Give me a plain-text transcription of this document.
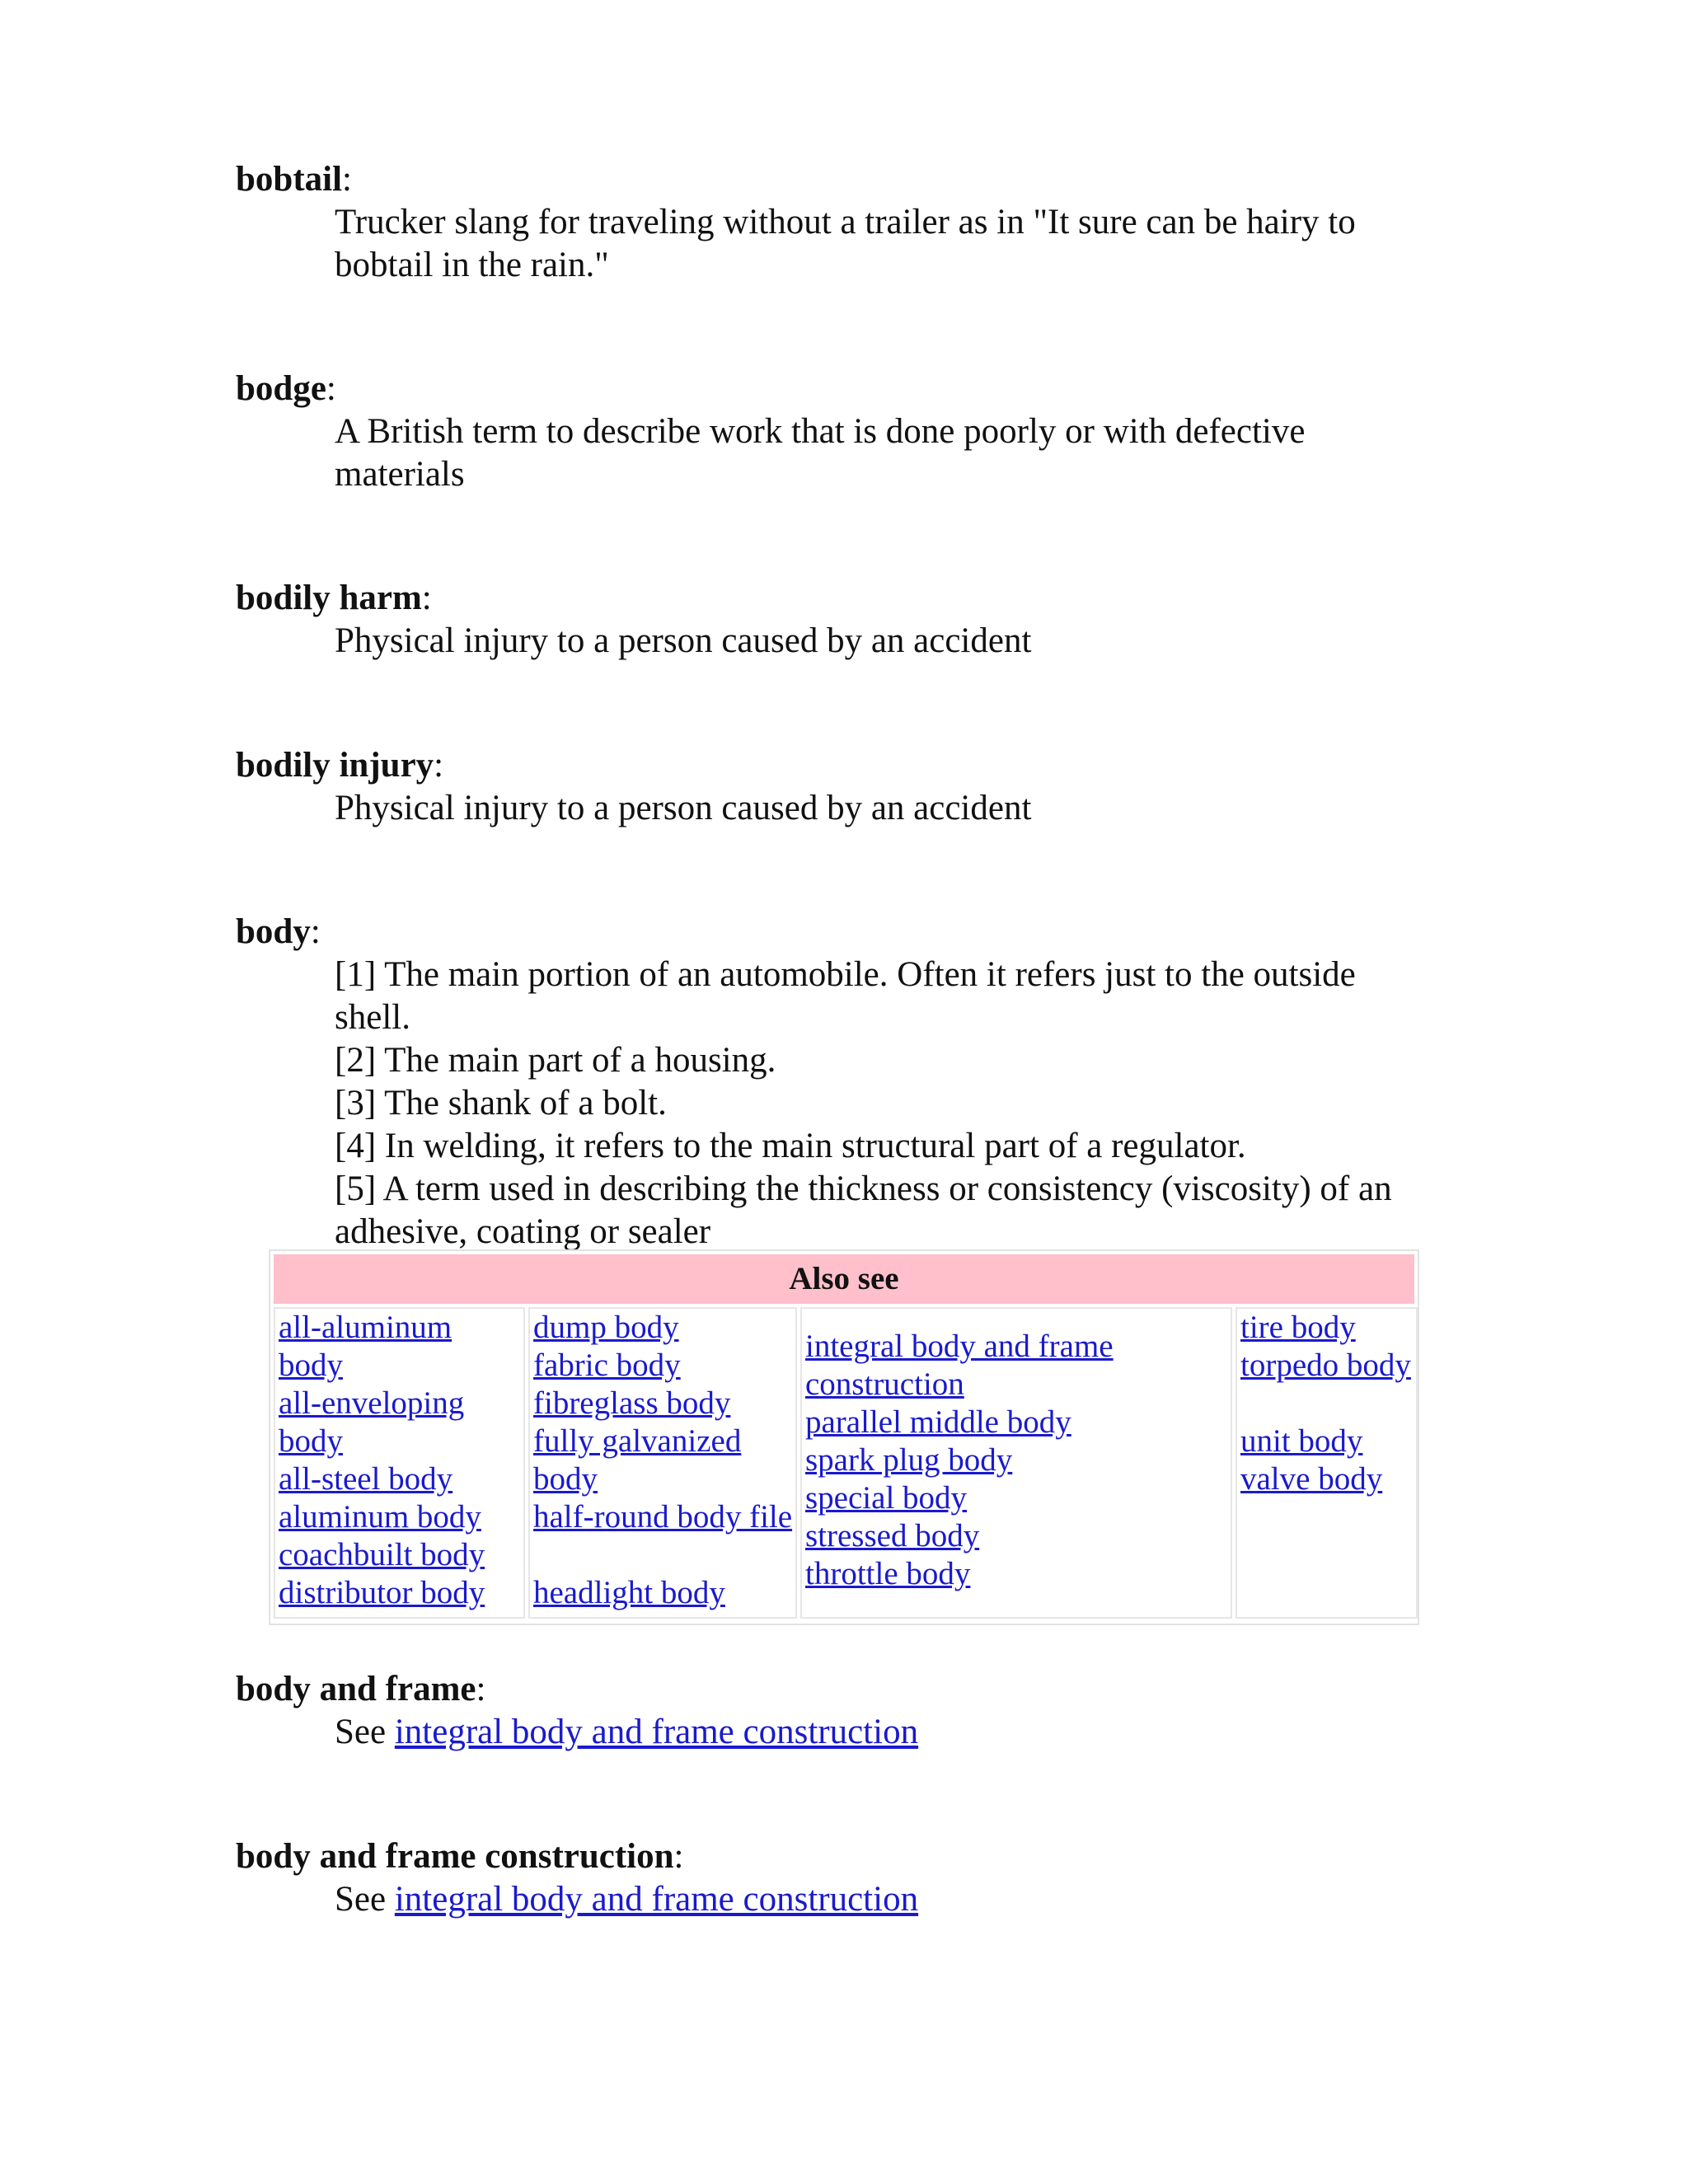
bobtail:

Trucker slang for traveling without a trailer as in "It sure can be hairy to
bobtail in the rain."

bodge:

A British term to describe work that is done poorly or with defective
materials

bodily harm:

Physical injury to a person caused by an accident

bodily injury:

Physical injury to a person caused by an accident

body:

[1] The main portion of an automobile. Often it refers just to the outside
shell.
[2] The main part of a housing.
[3] The shank of a bolt.
[4] In welding, it refers to the main structural part of a regulator.
[5] A term used in describing the thickness or consistency (viscosity) of an
adhesive, coating or sealer
Also see
all-aluminum
body
all-enveloping
body
all-steel body
aluminum body
coachbuilt body
distributor body
dump body
fabric body
fibreglass body
fully galvanized
body
half-round body file
headlight body
integral body and frame
construction
parallel middle body
spark plug body
special body
stressed body
throttle body
tire body
torpedo body
unit body
valve body

body and frame:

See integral body and frame construction

body and frame construction:

See integral body and frame construction
